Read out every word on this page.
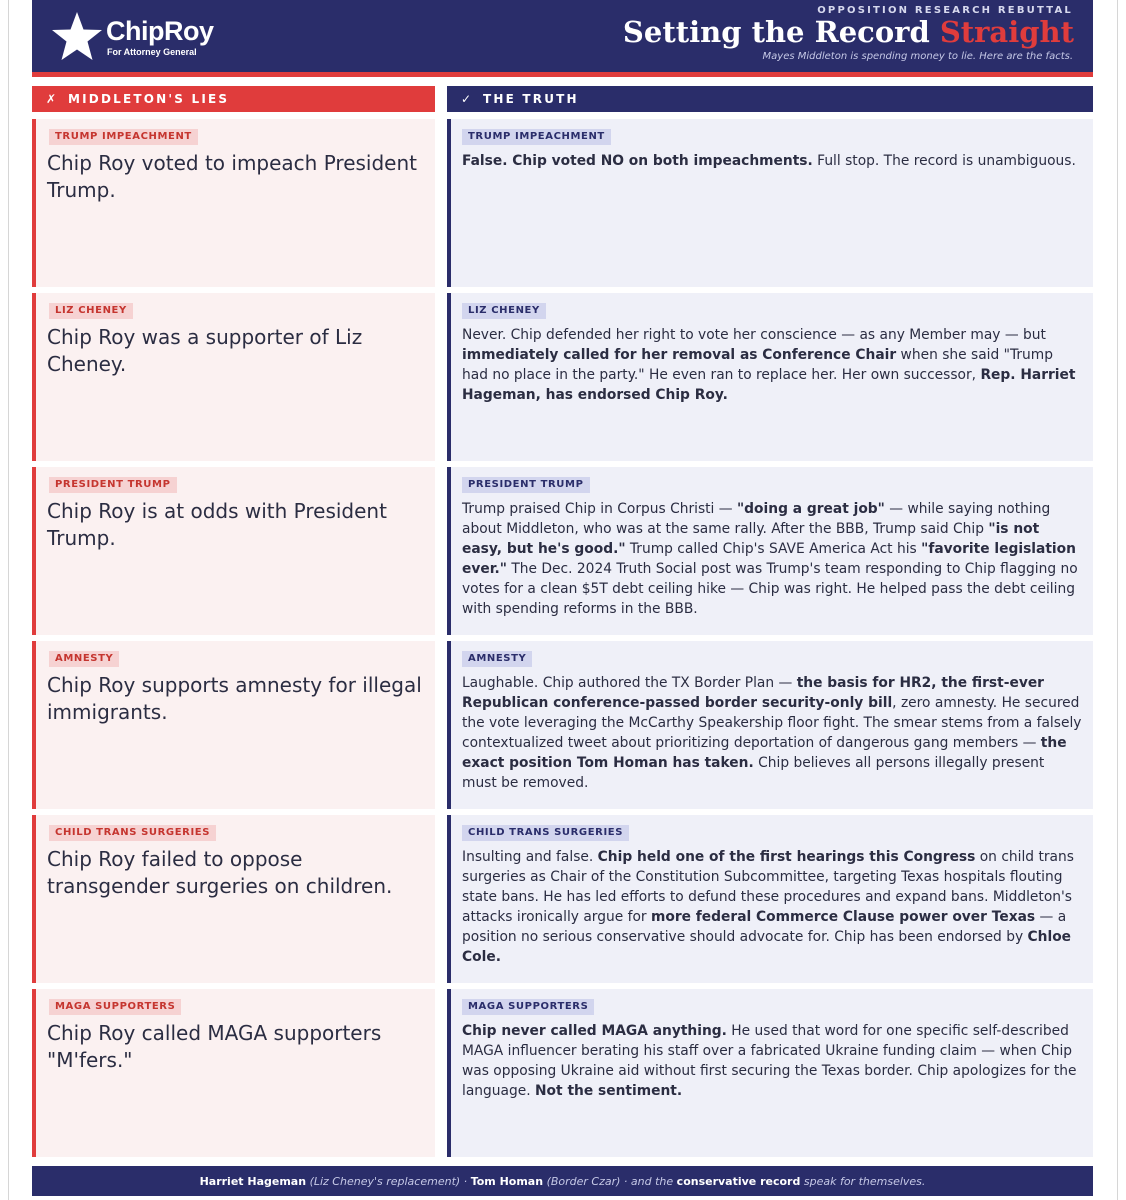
ChipRoy
For Attorney General
OPPOSITION RESEARCH REBUTTAL
Setting the Record Straight
Mayes Middleton is spending money to lie. Here are the facts.
✗ MIDDLETON'S LIES	✓ THE TRUTH
TRUMP IMPEACHMENT
Chip Roy voted to impeach President Trump.
TRUMP IMPEACHMENT
False. Chip voted NO on both impeachments. Full stop. The record is unambiguous.
LIZ CHENEY
Chip Roy was a supporter of Liz Cheney.
LIZ CHENEY
Never. Chip defended her right to vote her conscience — as any Member may — but immediately called for her removal as Conference Chair when she said "Trump had no place in the party." He even ran to replace her. Her own successor, Rep. Harriet Hageman, has endorsed Chip Roy.
PRESIDENT TRUMP
Chip Roy is at odds with President Trump.
PRESIDENT TRUMP
Trump praised Chip in Corpus Christi — "doing a great job" — while saying nothing about Middleton, who was at the same rally. After the BBB, Trump said Chip "is not easy, but he's good." Trump called Chip's SAVE America Act his "favorite legislation ever." The Dec. 2024 Truth Social post was Trump's team responding to Chip flagging no votes for a clean $5T debt ceiling hike — Chip was right. He helped pass the debt ceiling with spending reforms in the BBB.
AMNESTY
Chip Roy supports amnesty for illegal immigrants.
AMNESTY
Laughable. Chip authored the TX Border Plan — the basis for HR2, the first-ever Republican conference-passed border security-only bill, zero amnesty. He secured the vote leveraging the McCarthy Speakership floor fight. The smear stems from a falsely contextualized tweet about prioritizing deportation of dangerous gang members — the exact position Tom Homan has taken. Chip believes all persons illegally present must be removed.
CHILD TRANS SURGERIES
Chip Roy failed to oppose transgender surgeries on children.
CHILD TRANS SURGERIES
Insulting and false. Chip held one of the first hearings this Congress on child trans surgeries as Chair of the Constitution Subcommittee, targeting Texas hospitals flouting state bans. He has led efforts to defund these procedures and expand bans. Middleton's attacks ironically argue for more federal Commerce Clause power over Texas — a position no serious conservative should advocate for. Chip has been endorsed by Chloe Cole.
MAGA SUPPORTERS
Chip Roy called MAGA supporters "M'fers."
MAGA SUPPORTERS
Chip never called MAGA anything. He used that word for one specific self-described MAGA influencer berating his staff over a fabricated Ukraine funding claim — when Chip was opposing Ukraine aid without first securing the Texas border. Chip apologizes for the language. Not the sentiment.
Harriet Hageman
(Liz Cheney's replacement) · Tom Homan
(Border Czar) · and the conservative record speak for themselves.
